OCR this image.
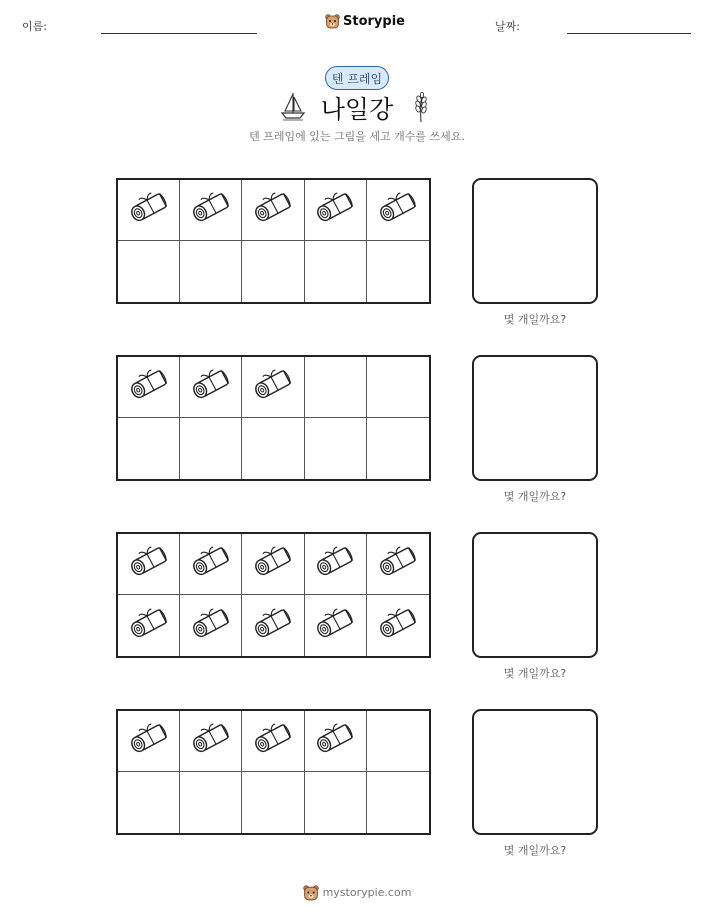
이름:	Storypie	날짜:
텐 프레임
나일강
텐 프레임에 있는 그림을 세고 개수를 쓰세요.
몇 개일까요?
몇 개일까요?
몇 개일까요?
몇 개일까요?
mystorypie.com
